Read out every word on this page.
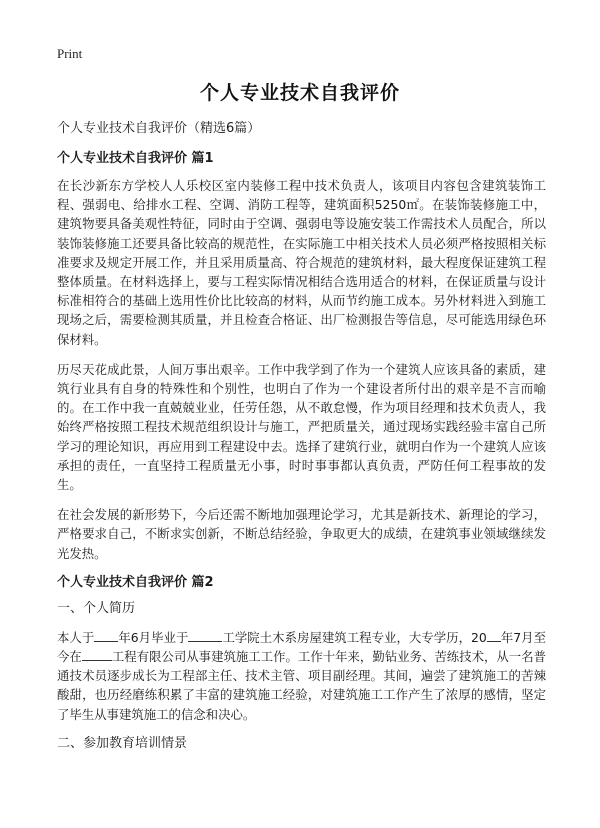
Print
个人专业技术自我评价

个人专业技术自我评价（精选6篇）

个人专业技术自我评价 篇1

在长沙新东方学校人人乐校区室内装修工程中技术负责人，该项目内容包含建筑装饰工程、强弱电、给排水工程、空调、消防工程等，建筑面积5250㎡。在装饰装修施工中，建筑物要具备美观性特征，同时由于空调、强弱电等设施安装工作需技术人员配合，所以装饰装修施工还要具备比较高的规范性，在实际施工中相关技术人员必须严格按照相关标准要求及规定开展工作，并且采用质量高、符合规范的建筑材料，最大程度保证建筑工程整体质量。在材料选择上，要与工程实际情况相结合选用适合的材料，在保证质量与设计标准相符合的基础上选用性价比比较高的材料，从而节约施工成本。另外材料进入到施工现场之后，需要检测其质量，并且检查合格证、出厂检测报告等信息，尽可能选用绿色环保材料。

历尽天花成此景，人间万事出艰辛。工作中我学到了作为一个建筑人应该具备的素质，建筑行业具有自身的特殊性和个别性，也明白了作为一个建设者所付出的艰辛是不言而喻的。在工作中我一直兢兢业业，任劳任怨，从不敢怠慢，作为项目经理和技术负责人，我始终严格按照工程技术规范组织设计与施工，严把质量关，通过现场实践经验丰富自己所学习的理论知识，再应用到工程建设中去。选择了建筑行业，就明白作为一个建筑人应该承担的责任，一直坚持工程质量无小事，时时事事都认真负责，严防任何工程事故的发生。

在社会发展的新形势下，今后还需不断地加强理论学习，尤其是新技术、新理论的学习，严格要求自己，不断求实创新，不断总结经验，争取更大的成绩，在建筑事业领域继续发光发热。

个人专业技术自我评价 篇2

一、个人简历

本人于 年6月毕业于	工学院土木系房屋建筑工程专业，大专学历，20 年7月至今在 工程有限公司从事建筑施工工作。工作十年来，勤钻业务、苦练技术，从一名普通技术员逐步成长为工程部主任、技术主管、项目副经理。其间，遍尝了建筑施工的苦辣酸甜，也历经磨练积累了丰富的建筑施工经验，对建筑施工工作产生了浓厚的感情，坚定了毕生从事建筑施工的信念和决心。

二、参加教育培训情景
